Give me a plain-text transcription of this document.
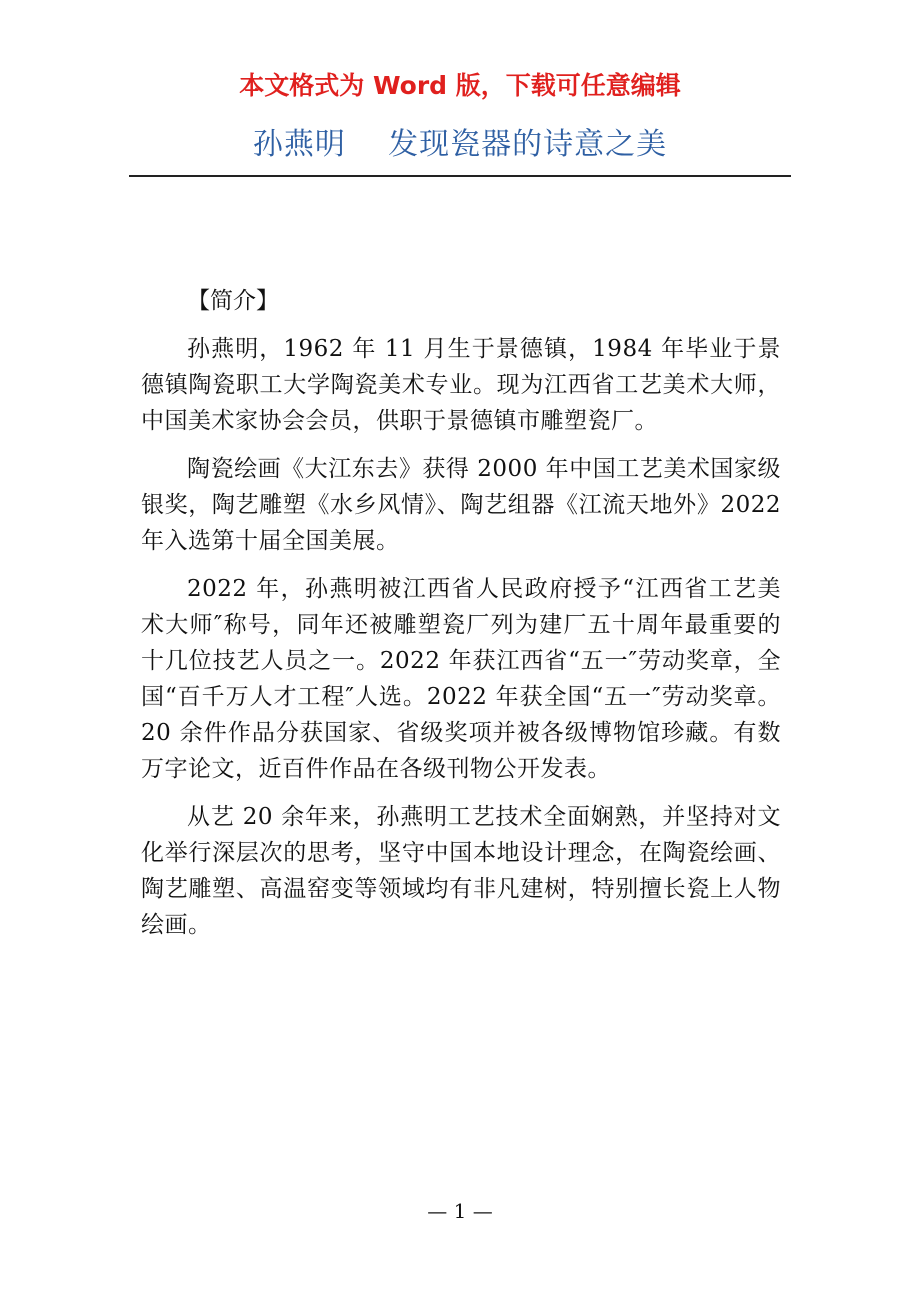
本文格式为 Word 版，下载可任意编辑
孙燕明    发现瓷器的诗意之美

【简介】

孙燕明，1962 年 11 月生于景德镇，1984 年毕业于景德镇陶瓷职工大学陶瓷美术专业。现为江西省工艺美术大师，中国美术家协会会员，供职于景德镇市雕塑瓷厂。

陶瓷绘画《大江东去》获得 2000 年中国工艺美术国家级银奖，陶艺雕塑《水乡风情》、陶艺组器《江流天地外》2022 年入选第十届全国美展。

2022 年，孙燕明被江西省人民政府授予“江西省工艺美术大师″称号，同年还被雕塑瓷厂列为建厂五十周年最重要的十几位技艺人员之一。2022 年获江西省“五一″劳动奖章，全国“百千万人才工程″人选。2022 年获全国“五一″劳动奖章。20 余件作品分获国家、省级奖项并被各级博物馆珍藏。有数万字论文，近百件作品在各级刊物公开发表。

从艺 20 余年来，孙燕明工艺技术全面娴熟，并坚持对文化举行深层次的思考，坚守中国本地设计理念，在陶瓷绘画、陶艺雕塑、高温窑变等领域均有非凡建树，特别擅长瓷上人物绘画。

— 1 —
